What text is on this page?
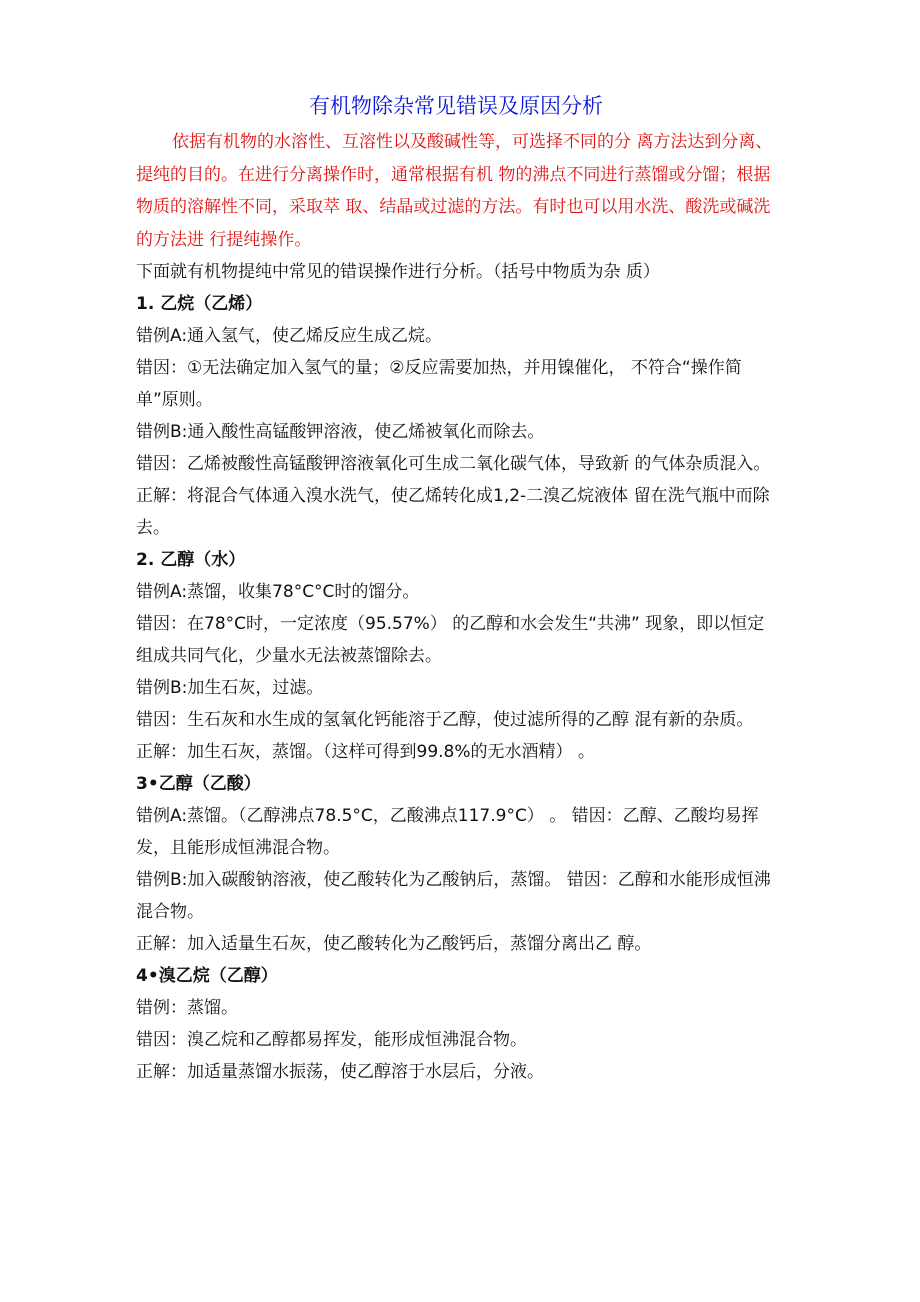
有机物除杂常见错误及原因分析

依据有机物的水溶性、互溶性以及酸碱性等，可选择不同的分 离方法达到分离、提纯的目的。在进行分离操作时，通常根据有机 物的沸点不同进行蒸馏或分馏；根据物质的溶解性不同，采取萃 取、结晶或过滤的方法。有时也可以用水洗、酸洗或碱洗的方法进 行提纯操作。

下面就有机物提纯中常见的错误操作进行分析。（括号中物质为杂 质）

1. 乙烷（乙烯）

错例A:通入氢气，使乙烯反应生成乙烷。

错因：①无法确定加入氢气的量；②反应需要加热，并用镍催化， 不符合“操作简单”原则。

错例B:通入酸性高锰酸钾溶液，使乙烯被氧化而除去。

错因：乙烯被酸性高锰酸钾溶液氧化可生成二氧化碳气体，导致新 的气体杂质混入。

正解：将混合气体通入溴水洗气，使乙烯转化成1,2-二溴乙烷液体 留在洗气瓶中而除去。

2. 乙醇（水）

错例A:蒸馏，收集78°C°C时的馏分。

错因：在78°C时，一定浓度（95.57%） 的乙醇和水会发生“共沸” 现象，即以恒定组成共同气化，少量水无法被蒸馏除去。

错例B:加生石灰，过滤。

错因：生石灰和水生成的氢氧化钙能溶于乙醇，使过滤所得的乙醇 混有新的杂质。

正解：加生石灰，蒸馏。（这样可得到99.8%的无水酒精） 。

3•乙醇（乙酸）

错例A:蒸馏。（乙醇沸点78.5°C，乙酸沸点117.9°C） 。 错因：乙醇、乙酸均易挥发，且能形成恒沸混合物。

错例B:加入碳酸钠溶液，使乙酸转化为乙酸钠后，蒸馏。 错因：乙醇和水能形成恒沸混合物。

正解：加入适量生石灰，使乙酸转化为乙酸钙后，蒸馏分离出乙 醇。

4•溴乙烷（乙醇）

错例：蒸馏。

错因：溴乙烷和乙醇都易挥发，能形成恒沸混合物。

正解：加适量蒸馏水振荡，使乙醇溶于水层后，分液。
